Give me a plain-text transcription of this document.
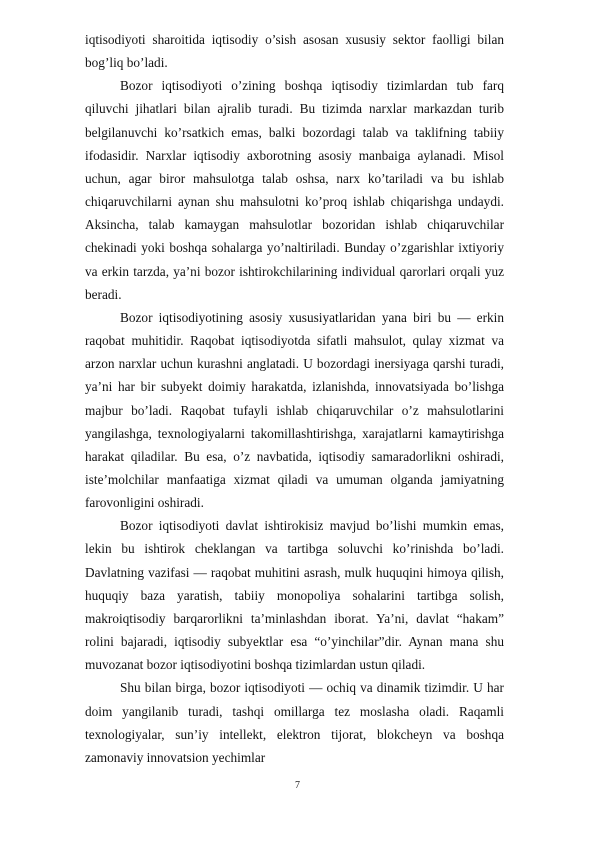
iqtisodiyoti sharoitida iqtisodiy o’sish asosan xususiy sektor faolligi bilan bog’liq bo’ladi.

Bozor iqtisodiyoti o’zining boshqa iqtisodiy tizimlardan tub farq qiluvchi jihatlari bilan ajralib turadi. Bu tizimda narxlar markazdan turib belgilanuvchi ko’rsatkich emas, balki bozordagi talab va taklifning tabiiy ifodasidir. Narxlar iqtisodiy axborotning asosiy manbaiga aylanadi. Misol uchun, agar biror mahsulotga talab oshsa, narx ko’tariladi va bu ishlab chiqaruvchilarni aynan shu mahsulotni ko’proq ishlab chiqarishga undaydi. Aksincha, talab kamaygan mahsulotlar bozoridan ishlab chiqaruvchilar chekinadi yoki boshqa sohalarga yo’naltiriladi. Bunday o’zgarishlar ixtiyoriy va erkin tarzda, ya’ni bozor ishtirokchilarining individual qarorlari orqali yuz beradi.

Bozor iqtisodiyotining asosiy xususiyatlaridan yana biri bu — erkin raqobat muhitidir. Raqobat iqtisodiyotda sifatli mahsulot, qulay xizmat va arzon narxlar uchun kurashni anglatadi. U bozordagi inersiyaga qarshi turadi, ya’ni har bir subyekt doimiy harakatda, izlanishda, innovatsiyada bo’lishga majbur bo’ladi. Raqobat tufayli ishlab chiqaruvchilar o’z mahsulotlarini yangilashga, texnologiyalarni takomillashtirishga, xarajatlarni kamaytirishga harakat qiladilar. Bu esa, o’z navbatida, iqtisodiy samaradorlikni oshiradi, iste’molchilar manfaatiga xizmat qiladi va umuman olganda jamiyatning farovonligini oshiradi.

Bozor iqtisodiyoti davlat ishtirokisiz mavjud bo’lishi mumkin emas, lekin bu ishtirok cheklangan va tartibga soluvchi ko’rinishda bo’ladi. Davlatning vazifasi — raqobat muhitini asrash, mulk huquqini himoya qilish, huquqiy baza yaratish, tabiiy monopoliya sohalarini tartibga solish, makroiqtisodiy barqarorlikni ta’minlashdan iborat. Ya’ni, davlat “hakam” rolini bajaradi, iqtisodiy subyektlar esa “o’yinchilar”dir. Aynan mana shu muvozanat bozor iqtisodiyotini boshqa tizimlardan ustun qiladi.

Shu bilan birga, bozor iqtisodiyoti — ochiq va dinamik tizimdir. U har doim yangilanib turadi, tashqi omillarga tez moslasha oladi. Raqamli texnologiyalar, sun’iy intellekt, elektron tijorat, blokcheyn va boshqa zamonaviy innovatsion yechimlar

7
